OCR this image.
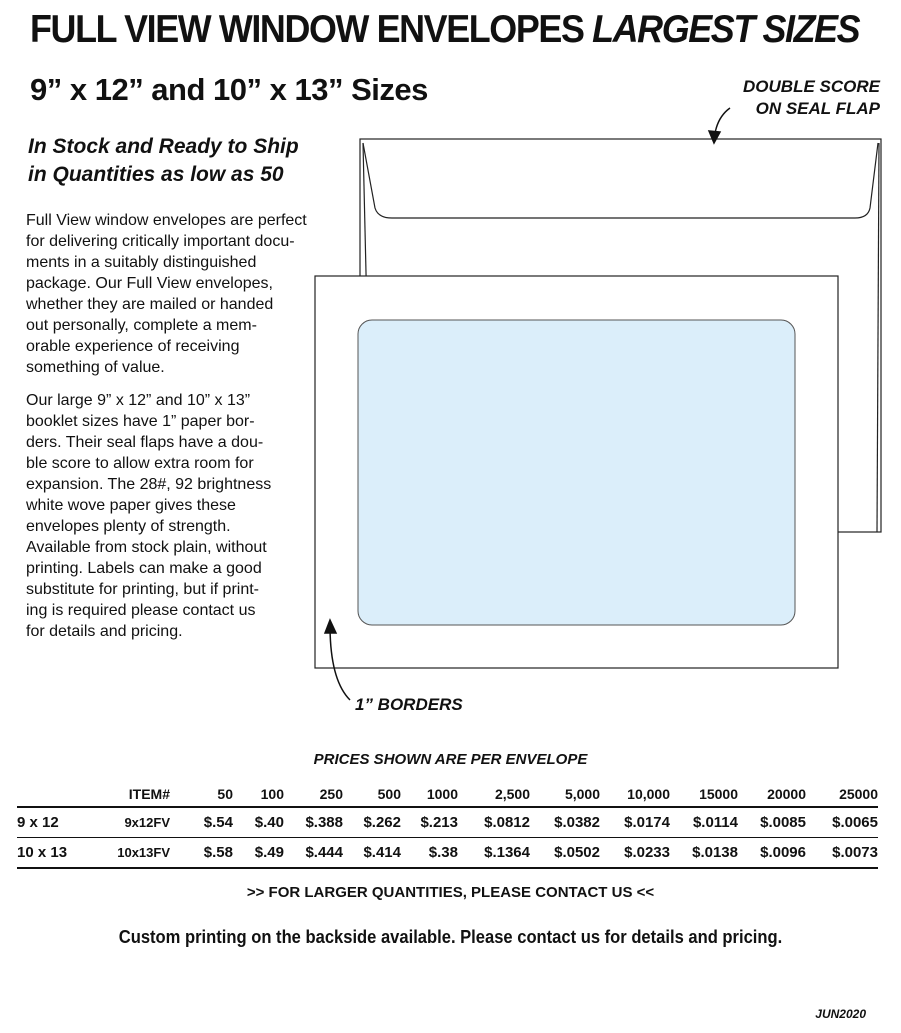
FULL VIEW WINDOW ENVELOPES LARGEST SIZES
9” x 12” and 10” x 13” Sizes
In Stock and Ready to Ship
in Quantities as low as 50
Full View window envelopes are perfect
for delivering critically important docu-
ments in a suitably distinguished
package. Our Full View envelopes,
whether they are mailed or handed
out personally, complete a mem-
orable experience of receiving
something of value.
Our large 9” x 12” and 10” x 13”
booklet sizes have 1” paper bor-
ders. Their seal flaps have a dou-
ble score to allow extra room for
expansion. The 28#, 92 brightness
white wove paper gives these
envelopes plenty of strength.
Available from stock plain, without
printing. Labels can make a good
substitute for printing, but if print-
ing is required please contact us
for details and pricing.
DOUBLE SCORE
ON SEAL FLAP
1” BORDERS
PRICES SHOWN ARE PER ENVELOPE
	ITEM#	50	100	250	500	1000	2,500	5,000	10,000	15000	20000	25000
9 x 12	9x12FV	$.54	$.40	$.388	$.262	$.213	$.0812	$.0382	$.0174	$.0114	$.0085	$.0065
10 x 13	10x13FV	$.58	$.49	$.444	$.414	$.38	$.1364	$.0502	$.0233	$.0138	$.0096	$.0073
>> FOR LARGER QUANTITIES, PLEASE CONTACT US <<
Custom printing on the backside available. Please contact us for details and pricing.
JUN2020
